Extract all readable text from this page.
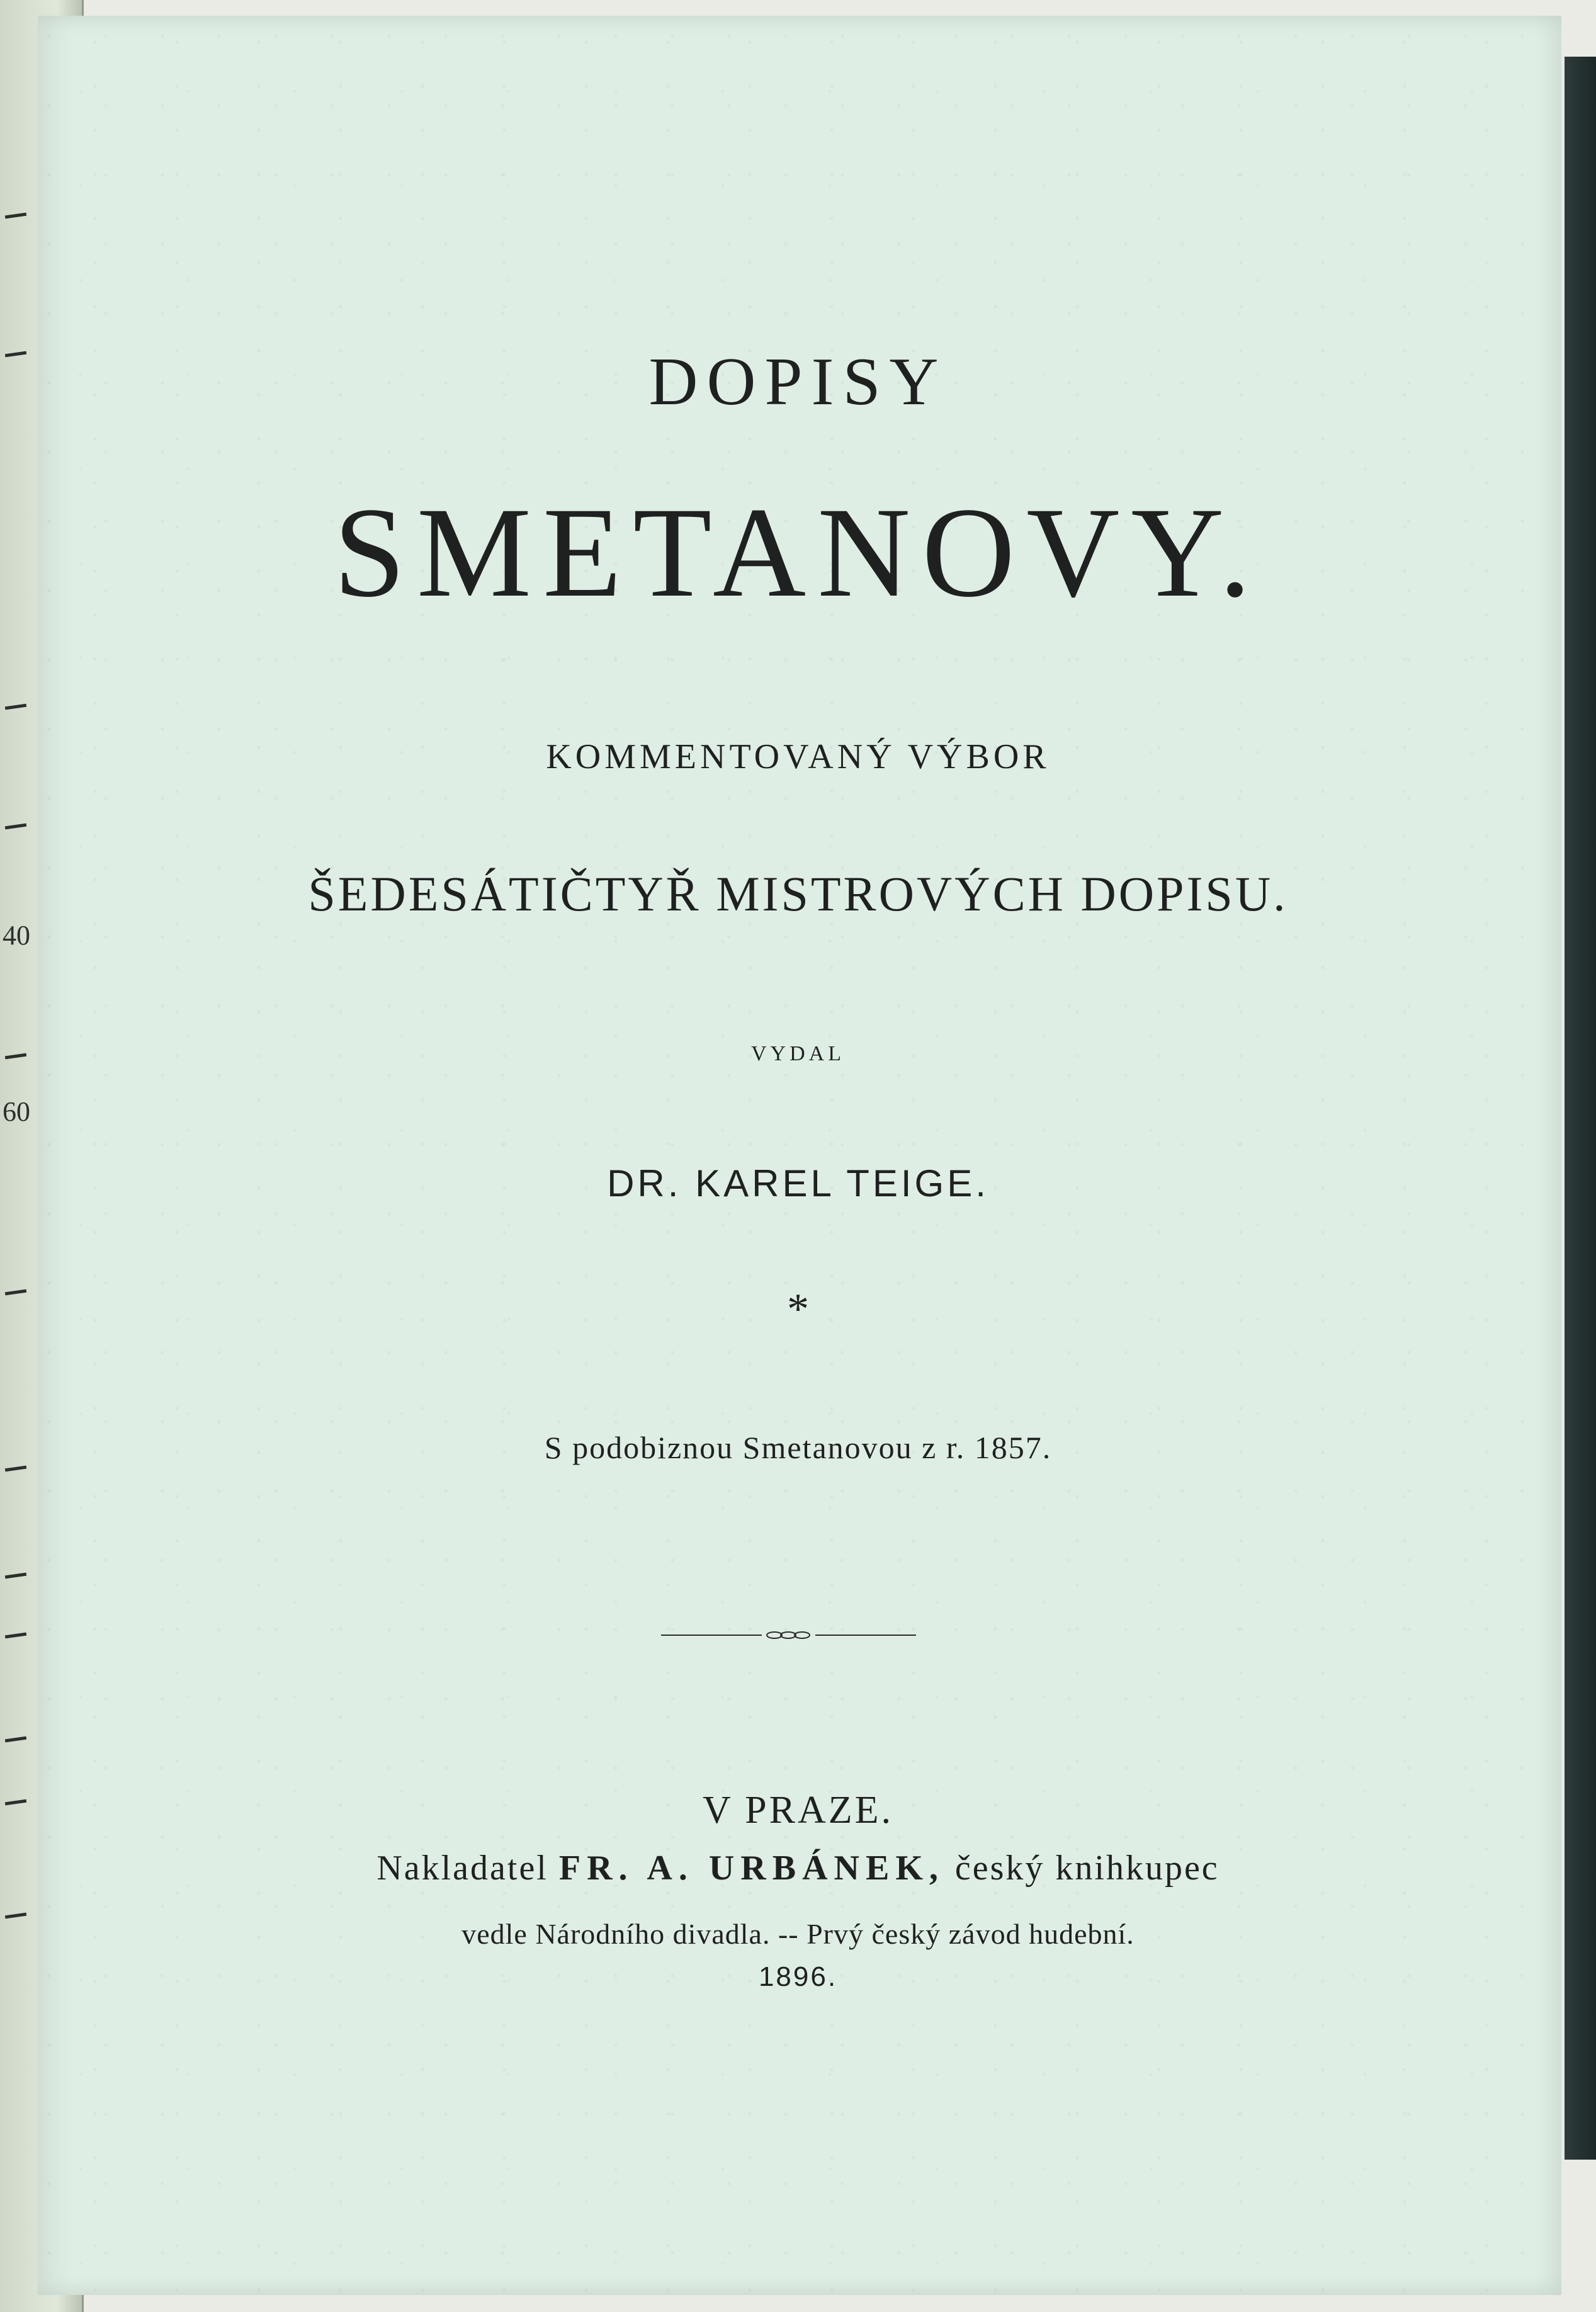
40
60
DOPISY
SMETANOVY.
KOMMENTOVANÝ VÝBOR
ŠEDESÁTIČTYŘ MISTROVÝCH DOPISU.
VYDAL
DR. KAREL TEIGE.
*
S podobiznou Smetanovou z r. 1857.
V PRAZE.
Nakladatel FR. A. URBÁNEK, český knihkupec
vedle Národního divadla. -- Prvý český závod hudební.
1896.
